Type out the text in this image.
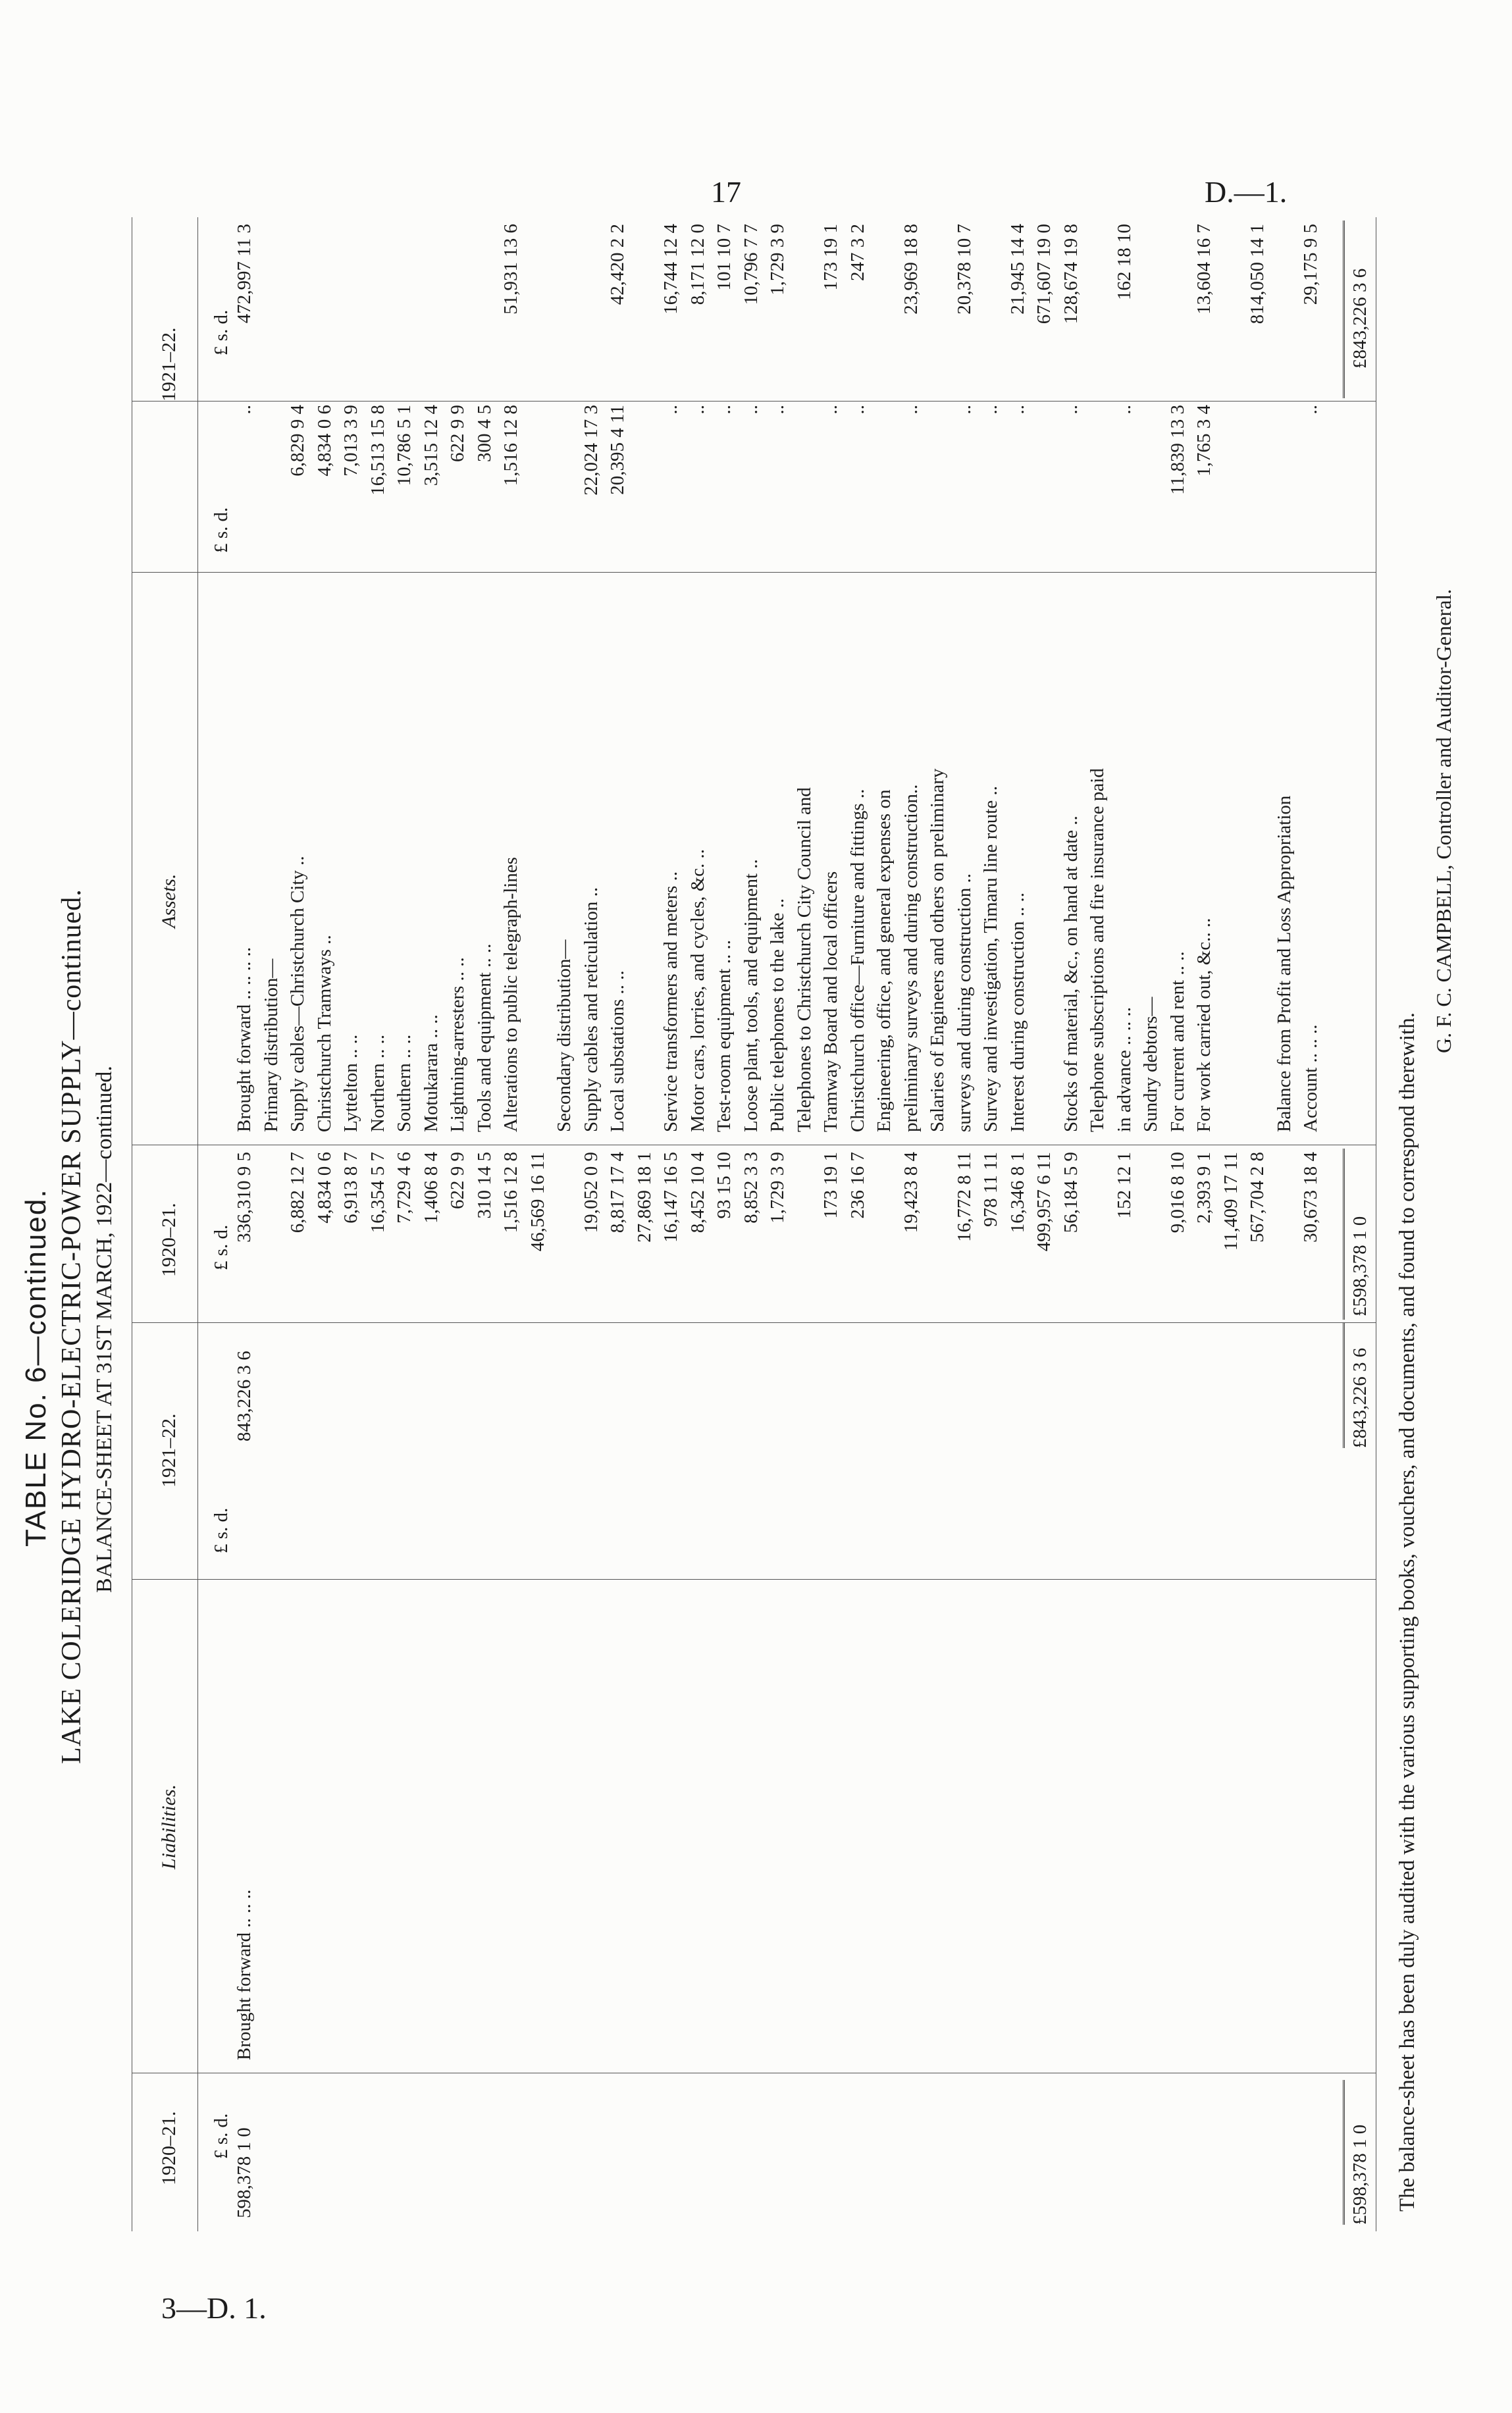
17	D.—1.
3—D. 1.
TABLE No. 6—continued. LAKE COLERIDGE HYDRO-ELECTRIC-POWER SUPPLY—continued. BALANCE-SHEET AT 31ST MARCH, 1922—continued.
1920–21.
Liabilities.
1921–22.
£ s. d.
£ s. d.
598,378 1 0
Brought forward .. .. ..
843,226 3 6
£598,378 1 0
£843,226 3 6
1920–21.
Assets.
1921–22.
£ s. d.
£ s. d.
£ s. d.
336,310 9 5
Brought forward .. .. .. ..
..
472,997 11 3
Primary distribution—
6,882 12 7
Supply cables—Christchurch City ..
6,829 9 4
4,834 0 6
Christchurch Tramways ..
4,834 0 6
6,913 8 7
Lyttelton .. ..
7,013 3 9
16,354 5 7
Northern .. ..
16,513 15 8
7,729 4 6
Southern .. ..
10,786 5 1
1,406 8 4
Motukarara .. ..
3,515 12 4
622 9 9
Lightning-arresters .. ..
622 9 9
310 14 5
Tools and equipment .. ..
300 4 5
1,516 12 8
Alterations to public telegraph-lines
1,516 12 8
51,931 13 6
46,569 16 11
Secondary distribution—
19,052 0 9
Supply cables and reticulation ..
22,024 17 3
8,817 17 4
Local substations .. ..
20,395 4 11
42,420 2 2
27,869 18 1 16,147 16 5
Service transformers and meters ..
..
16,744 12 4
8,452 10 4
Motor cars, lorries, and cycles, &c. ..
..
8,171 12 0
93 15 10
Test-room equipment .. ..
..
101 10 7
8,852 3 3
Loose plant, tools, and equipment ..
..
10,796 7 7
1,729 3 9
Public telephones to the lake ..
..
1,729 3 9
Telephones to Christchurch City Council and
173 19 1
Tramway Board and local officers
..
173 19 1
236 16 7
Christchurch office—Furniture and fittings ..
..
247 3 2
Engineering, office, and general expenses on
19,423 8 4
preliminary surveys and during construction..
..
23,969 18 8
Salaries of Engineers and others on preliminary
16,772 8 11
surveys and during construction ..
..
20,378 10 7
978 11 11
Survey and investigation, Timaru line route ..
..
16,346 8 1
Interest during construction .. ..
..
21,945 14 4
499,957 6 11
671,607 19 0
56,184 5 9
Stocks of material, &c., on hand at date ..
..
128,674 19 8
Telephone subscriptions and fire insurance paid
152 12 1
in advance .. .. ..
..
162 18 10
Sundry debtors—
9,016 8 10
For current and rent .. ..
11,839 13 3
2,393 9 1
For work carried out, &c.. ..
1,765 3 4
13,604 16 7
11,409 17 11 567,704 2 8
814,050 14 1
Balance from Profit and Loss Appropriation
30,673 18 4
Account .. .. ..
..
29,175 9 5
£598,378 1 0
£843,226 3 6
The balance-sheet has been duly audited with the various supporting books, vouchers, and documents, and found to correspond therewith.
G. F. C. CAMPBELL, Controller and Auditor-General.
